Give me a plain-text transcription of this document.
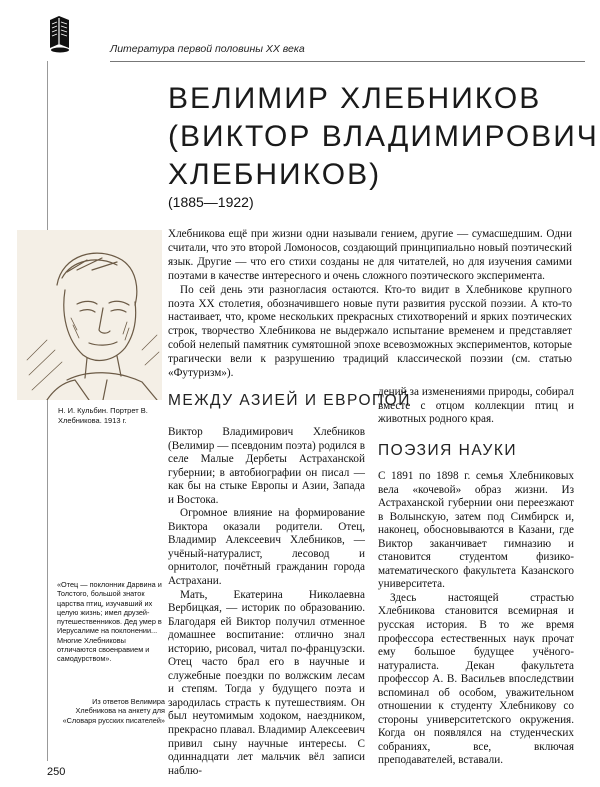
Литература первой половины XX века
ВЕЛИМИР ХЛЕБНИКОВ
(ВИКТОР ВЛАДИМИРОВИЧ
ХЛЕБНИКОВ)
(1885—1922)

Хлебникова ещё при жизни одни называли гением, другие — сумасшедшим. Одни считали, что это второй Ломоносов, создающий принципиально новый поэтический язык. Другие — что его стихи созданы не для читателей, но для изучения самими поэтами в качестве интересного и очень сложного поэтического эксперимента.

По сей день эти разногласия остаются. Кто-то видит в Хлебникове крупного поэта XX столетия, обозначившего новые пути развития русской поэзии. А кто-то настаивает, что, кроме нескольких прекрасных стихотворений и ярких поэтических строк, творчество Хлебникова не выдержало испытание временем и представляет собой нелепый памятник сумятошной эпохе всевозможных экспериментов, которые трагически вели к разрушению традиций классической поэзии (см. статью «Футуризм»).

Н. И. Кульбин. Портрет В. Хлебникова. 1913 г.
МЕЖДУ АЗИЕЙ И ЕВРОПОЙ

Виктор Владимирович Хлебников (Велимир — псевдоним поэта) родился в селе Малые Дербеты Астраханской губернии; в автобиографии он писал — как бы на стыке Европы и Азии, Запада и Востока.

Огромное влияние на формирование Виктора оказали родители. Отец, Владимир Алексеевич Хлебников, — учёный-натуралист, лесовод и орнитолог, почётный гражданин города Астрахани.

Мать, Екатерина Николаевна Вербицкая, — историк по образованию. Благодаря ей Виктор получил отменное домашнее воспитание: отлично знал историю, рисовал, читал по-французски. Отец часто брал его в научные и служебные поездки по волжским лесам и степям. Тогда у будущего поэта и зародилась страсть к путешествиям. Он был неутомимым ходоком, наездником, прекрасно плавал. Владимир Алексеевич привил сыну научные интересы. С одиннадцати лет мальчик вёл записи наблю-

«Отец — поклонник Дарвина и Толстого, большой знаток царства птиц, изучавший их целую жизнь; имел друзей-путешественников. Дед умер в Иерусалиме на поклонении... Многие Хлебниковы отличаются своенравием и самодурством».
Из ответов Велимира Хлебникова на анкету для «Словаря русских писателей»

дений за изменениями природы, собирал вместе с отцом коллекции птиц и животных родного края.

ПОЭЗИЯ НАУКИ

С 1891 по 1898 г. семья Хлебниковых вела «кочевой» образ жизни. Из Астраханской губернии они переезжают в Волынскую, затем под Симбирск и, наконец, обосновываются в Казани, где Виктор заканчивает гимназию и становится студентом физико-математического факультета Казанского университета.

Здесь настоящей страстью Хлебникова становится всемирная и русская история. В то же время профессора естественных наук прочат ему большое будущее учёного-натуралиста. Декан факультета профессор А. В. Васильев впоследствии вспоминал об особом, уважительном отношении к студенту Хлебникову со стороны университетского окружения. Когда он появлялся на студенческих собраниях, все, включая преподавателей, вставали.

250
